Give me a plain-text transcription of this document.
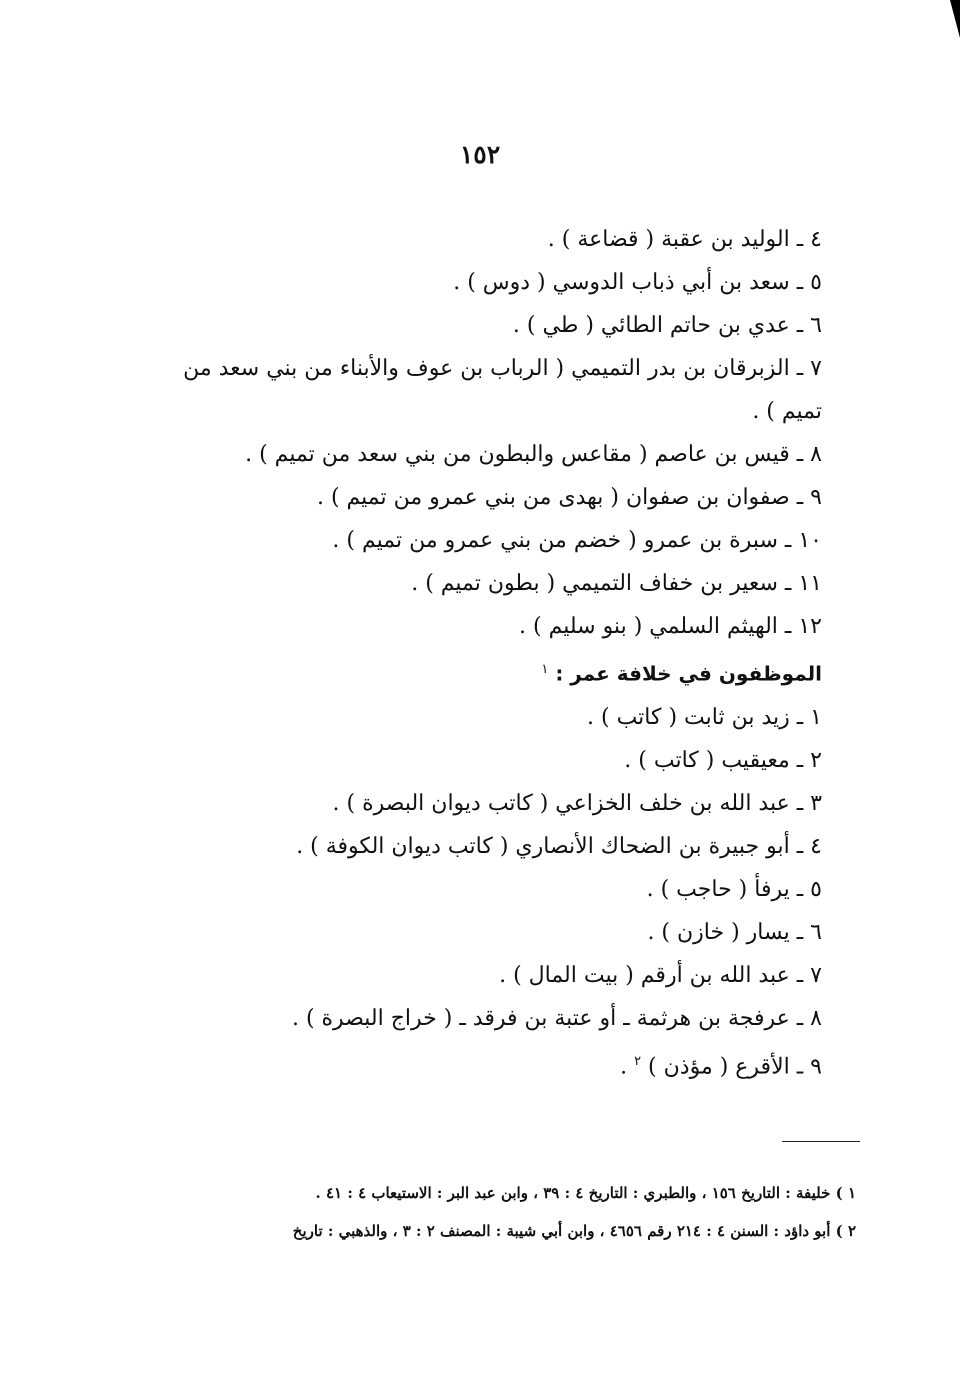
١٥٢
٤ ـ الوليد بن عقبة ( قضاعة ) .
٥ ـ سعد بن أبي ذباب الدوسي ( دوس ) .
٦ ـ عدي بن حاتم الطائي ( طي ) .
٧ ـ الزبرقان بن بدر التميمي ( الرباب بن عوف والأبناء من بني سعد من تميم ) .
٨ ـ قيس بن عاصم ( مقاعس والبطون من بني سعد من تميم ) .
٩ ـ صفوان بن صفوان ( بهدى من بني عمرو من تميم ) .
١٠ ـ سبرة بن عمرو ( خضم من بني عمرو من تميم ) .
١١ ـ سعير بن خفاف التميمي ( بطون تميم ) .
١٢ ـ الهيثم السلمي ( بنو سليم ) .
الموظفون في خلافة عمر : $^١$
١ ـ زيد بن ثابت ( كاتب ) .
٢ ـ معيقيب ( كاتب ) .
٣ ـ عبد الله بن خلف الخزاعي ( كاتب ديوان البصرة ) .
٤ ـ أبو جبيرة بن الضحاك الأنصاري ( كاتب ديوان الكوفة ) .
٥ ـ يرفأ ( حاجب ) .
٦ ـ يسار ( خازن ) .
٧ ـ عبد الله بن أرقم ( بيت المال ) .
٨ ـ عرفجة بن هرثمة ـ أو عتبة بن فرقد ـ ( خراج البصرة ) .
٩ ـ الأقرع ( مؤذن ) $^٢$ .
١ ) خليفة : التاريخ ١٥٦ ، والطبري : التاريخ ٤ : ٣٩ ، وابن عبد البر : الاستيعاب ٤ : ٤١ .
٢ ) أبو داؤد : السنن ٤ : ٢١٤ رقم ٤٦٥٦ ، وابن أبي شيبة : المصنف ٢ : ٣ ، والذهبي : تاريخ
